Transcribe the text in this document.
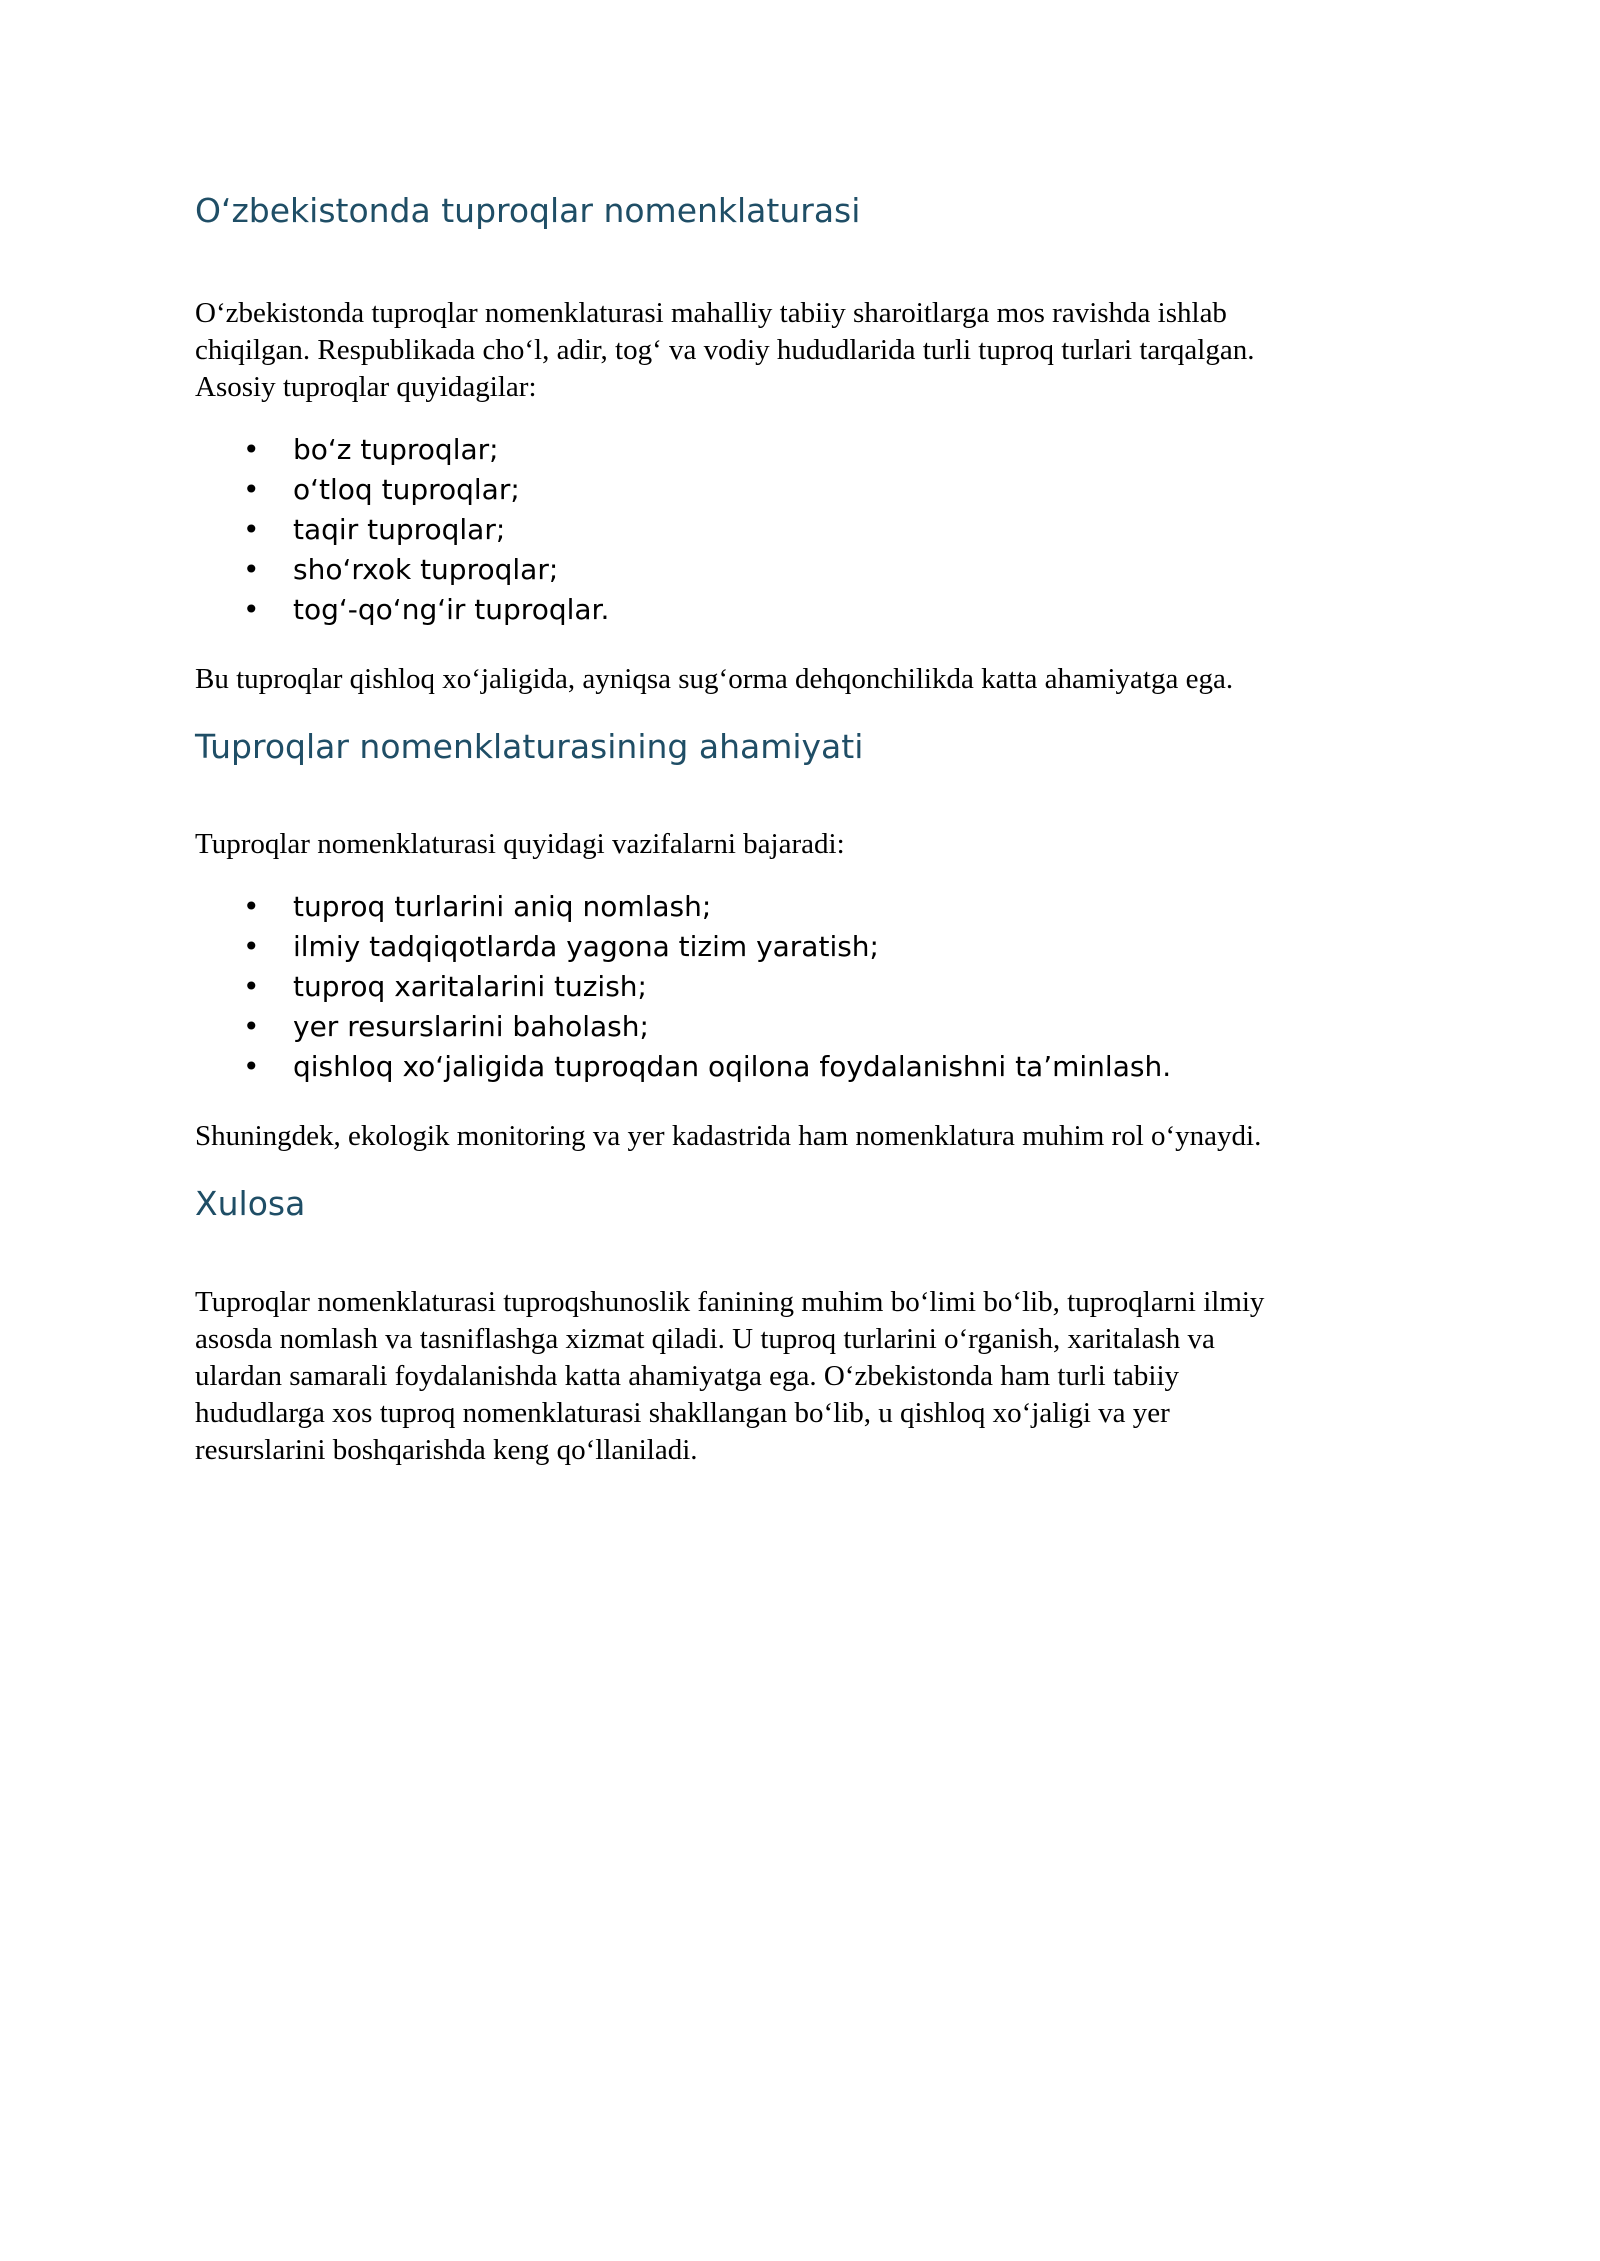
O‘zbekistonda tuproqlar nomenklaturasi

O‘zbekistonda tuproqlar nomenklaturasi mahalliy tabiiy sharoitlarga mos ravishda ishlab
chiqilgan. Respublikada cho‘l, adir, tog‘ va vodiy hududlarida turli tuproq turlari tarqalgan.
Asosiy tuproqlar quyidagilar:

• bo‘z tuproqlar;
• o‘tloq tuproqlar;
• taqir tuproqlar;
• sho‘rxok tuproqlar;
• tog‘-qo‘ng‘ir tuproqlar.

Bu tuproqlar qishloq xo‘jaligida, ayniqsa sug‘orma dehqonchilikda katta ahamiyatga ega.

Tuproqlar nomenklaturasining ahamiyati

Tuproqlar nomenklaturasi quyidagi vazifalarni bajaradi:

• tuproq turlarini aniq nomlash;
• ilmiy tadqiqotlarda yagona tizim yaratish;
• tuproq xaritalarini tuzish;
• yer resurslarini baholash;
• qishloq xo‘jaligida tuproqdan oqilona foydalanishni ta’minlash.

Shuningdek, ekologik monitoring va yer kadastrida ham nomenklatura muhim rol o‘ynaydi.

Xulosa

Tuproqlar nomenklaturasi tuproqshunoslik fanining muhim bo‘limi bo‘lib, tuproqlarni ilmiy
asosda nomlash va tasniflashga xizmat qiladi. U tuproq turlarini o‘rganish, xaritalash va
ulardan samarali foydalanishda katta ahamiyatga ega. O‘zbekistonda ham turli tabiiy
hududlarga xos tuproq nomenklaturasi shakllangan bo‘lib, u qishloq xo‘jaligi va yer
resurslarini boshqarishda keng qo‘llaniladi.
